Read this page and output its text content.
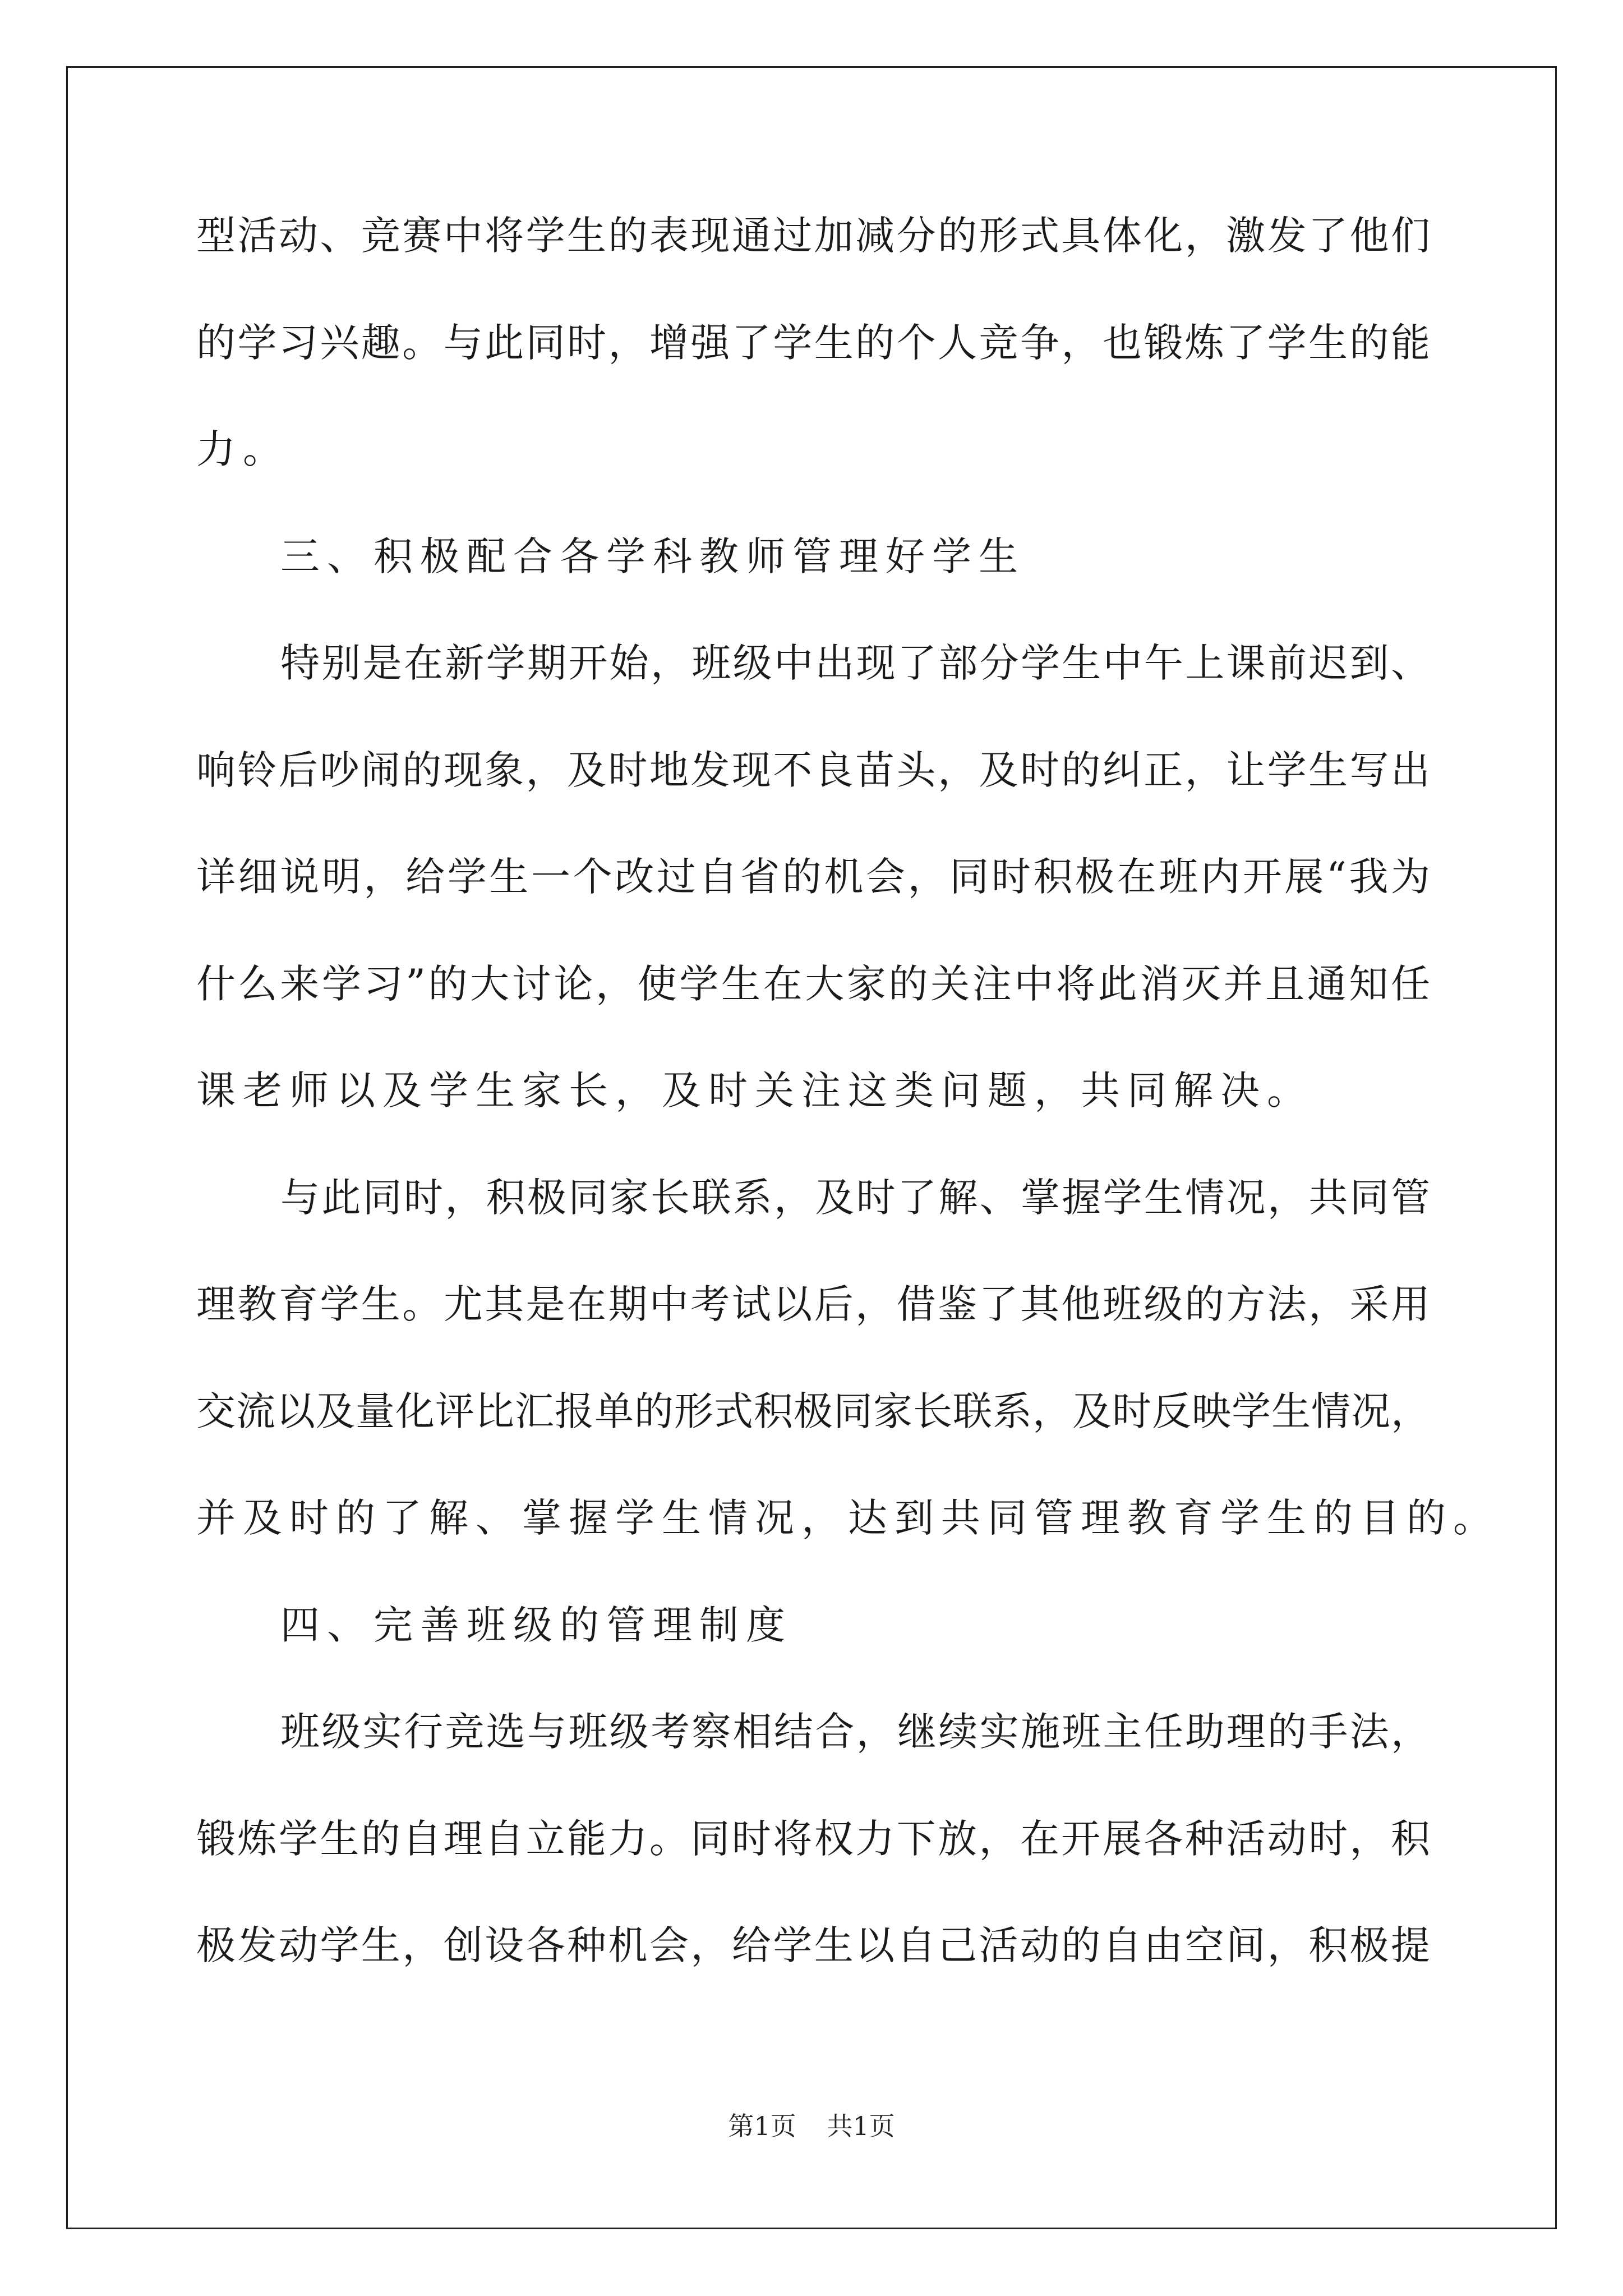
型活动、竞赛中将学生的表现通过加减分的形式具体化，激发了他们
的学习兴趣。与此同时，增强了学生的个人竞争，也锻炼了学生的能
力。
三、积极配合各学科教师管理好学生
特别是在新学期开始，班级中出现了部分学生中午上课前迟到、
响铃后吵闹的现象，及时地发现不良苗头，及时的纠正，让学生写出
详细说明，给学生一个改过自省的机会，同时积极在班内开展“我为
什么来学习”的大讨论，使学生在大家的关注中将此消灭并且通知任
课老师以及学生家长，及时关注这类问题，共同解决。
与此同时，积极同家长联系，及时了解、掌握学生情况，共同管
理教育学生。尤其是在期中考试以后，借鉴了其他班级的方法，采用
交流以及量化评比汇报单的形式积极同家长联系，及时反映学生情况，
并及时的了解、掌握学生情况，达到共同管理教育学生的目的。
四、完善班级的管理制度
班级实行竞选与班级考察相结合，继续实施班主任助理的手法，
锻炼学生的自理自立能力。同时将权力下放，在开展各种活动时，积
极发动学生，创设各种机会，给学生以自己活动的自由空间，积极提
第1页 共1页
